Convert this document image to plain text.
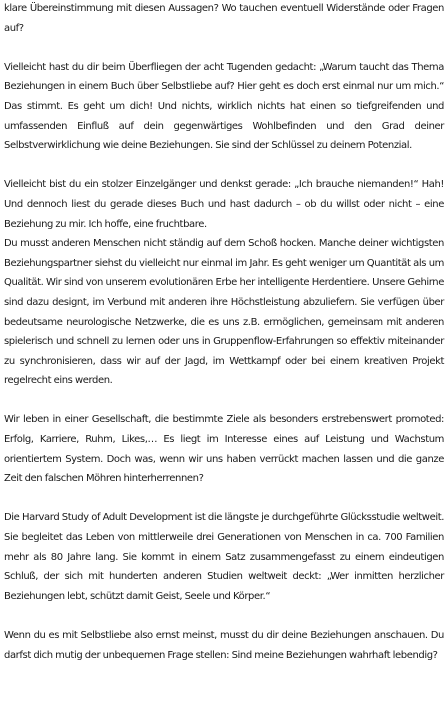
klare Übereinstimmung mit diesen Aussagen? Wo tauchen eventuell Widerstände oder Fragen auf?

Vielleicht hast du dir beim Überfliegen der acht Tugenden gedacht: „Warum taucht das Thema Beziehungen in einem Buch über Selbstliebe auf? Hier geht es doch erst einmal nur um mich.“ Das stimmt. Es geht um dich! Und nichts, wirklich nichts hat einen so tiefgreifenden und umfassenden Einfluß auf dein gegenwärtiges Wohlbefinden und den Grad deiner Selbstverwirklichung wie deine Beziehungen. Sie sind der Schlüssel zu deinem Potenzial.

Vielleicht bist du ein stolzer Einzelgänger und denkst gerade: „Ich brauche niemanden!“ Hah! Und dennoch liest du gerade dieses Buch und hast dadurch – ob du willst oder nicht – eine Beziehung zu mir. Ich hoffe, eine fruchtbare.

Du musst anderen Menschen nicht ständig auf dem Schoß hocken. Manche deiner wichtigsten Beziehungspartner siehst du vielleicht nur einmal im Jahr. Es geht weniger um Quantität als um Qualität. Wir sind von unserem evolutionären Erbe her intelligente Herdentiere. Unsere Gehirne sind dazu designt, im Verbund mit anderen ihre Höchstleistung abzuliefern. Sie verfügen über bedeutsame neurologische Netzwerke, die es uns z.B. ermöglichen, gemeinsam mit anderen spielerisch und schnell zu lernen oder uns in Gruppenflow-Erfahrungen so effektiv miteinander zu synchronisieren, dass wir auf der Jagd, im Wettkampf oder bei einem kreativen Projekt regelrecht eins werden.

Wir leben in einer Gesellschaft, die bestimmte Ziele als besonders erstrebenswert promoted: Erfolg, Karriere, Ruhm, Likes,… Es liegt im Interesse eines auf Leistung und Wachstum orientiertem System. Doch was, wenn wir uns haben verrückt machen lassen und die ganze Zeit den falschen Möhren hinterherrennen?

Die Harvard Study of Adult Development ist die längste je durchgeführte Glücksstudie weltweit. Sie begleitet das Leben von mittlerweile drei Generationen von Menschen in ca. 700 Familien mehr als 80 Jahre lang. Sie kommt in einem Satz zusammengefasst zu einem eindeutigen Schluß, der sich mit hunderten anderen Studien weltweit deckt: „Wer inmitten herzlicher Beziehungen lebt, schützt damit Geist, Seele und Körper.“

Wenn du es mit Selbstliebe also ernst meinst, musst du dir deine Beziehungen anschauen. Du darfst dich mutig der unbequemen Frage stellen: Sind meine Beziehungen wahrhaft lebendig?
